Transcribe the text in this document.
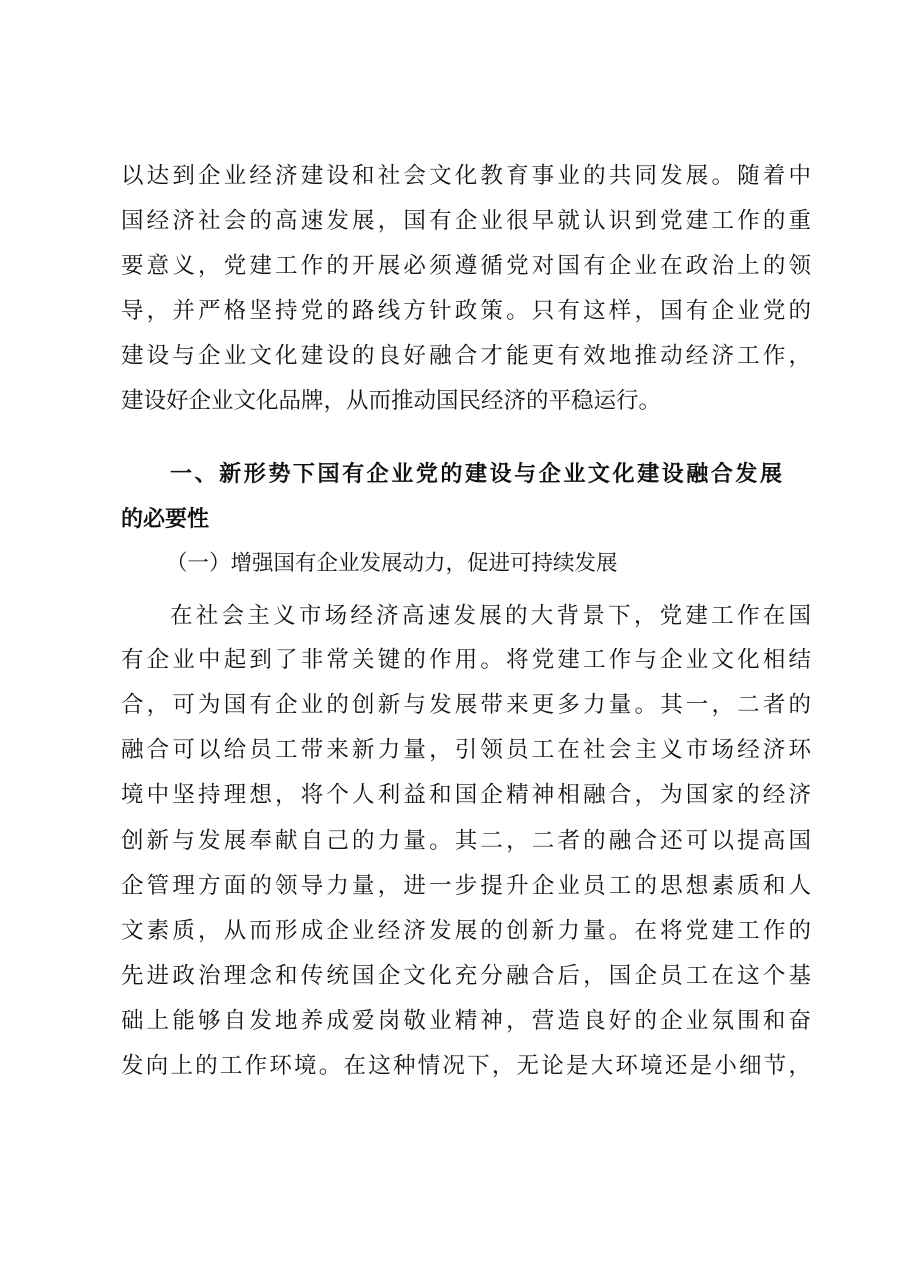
以达到企业经济建设和社会文化教育事业的共同发展。随着中
国经济社会的高速发展，国有企业很早就认识到党建工作的重
要意义，党建工作的开展必须遵循党对国有企业在政治上的领
导，并严格坚持党的路线方针政策。只有这样，国有企业党的
建设与企业文化建设的良好融合才能更有效地推动经济工作，
建设好企业文化品牌，从而推动国民经济的平稳运行。
一、新形势下国有企业党的建设与企业文化建设融合发展
的必要性
（一）增强国有企业发展动力，促进可持续发展
在社会主义市场经济高速发展的大背景下，党建工作在国
有企业中起到了非常关键的作用。将党建工作与企业文化相结
合，可为国有企业的创新与发展带来更多力量。其一，二者的
融合可以给员工带来新力量，引领员工在社会主义市场经济环
境中坚持理想，将个人利益和国企精神相融合，为国家的经济
创新与发展奉献自己的力量。其二，二者的融合还可以提高国
企管理方面的领导力量，进一步提升企业员工的思想素质和人
文素质，从而形成企业经济发展的创新力量。在将党建工作的
先进政治理念和传统国企文化充分融合后，国企员工在这个基
础上能够自发地养成爱岗敬业精神，营造良好的企业氛围和奋
发向上的工作环境。在这种情况下，无论是大环境还是小细节，
